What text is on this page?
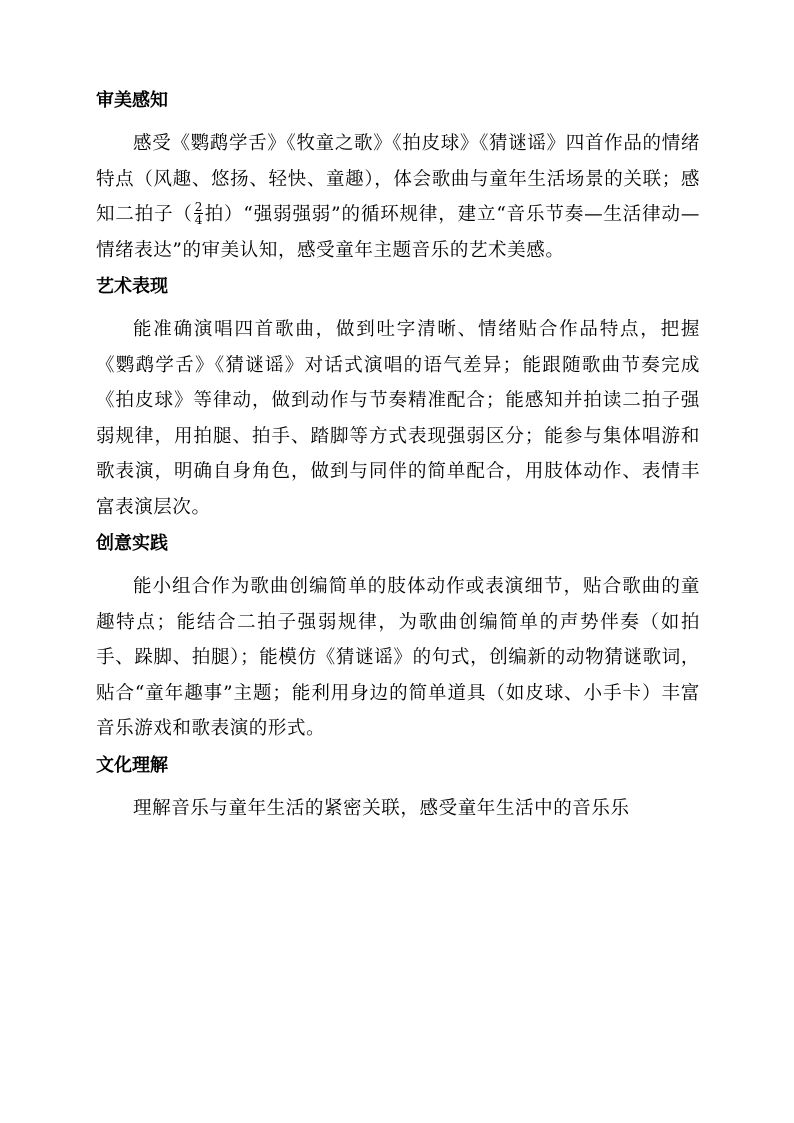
审美感知

感受《鹦鹉学舌》《牧童之歌》《拍皮球》《猜谜谣》四首作品的情绪特点（风趣、悠扬、轻快、童趣），体会歌曲与童年生活场景的关联；感知二拍子（ $\frac{2}{4}$ 拍）“强弱强弱”的循环规律，建立“音乐节奏—生活律动—情绪表达”的审美认知，感受童年主题音乐的艺术美感。

艺术表现

能准确演唱四首歌曲，做到吐字清晰、情绪贴合作品特点，把握《鹦鹉学舌》《猜谜谣》对话式演唱的语气差异；能跟随歌曲节奏完成《拍皮球》等律动，做到动作与节奏精准配合；能感知并拍读二拍子强弱规律，用拍腿、拍手、踏脚等方式表现强弱区分；能参与集体唱游和歌表演，明确自身角色，做到与同伴的简单配合，用肢体动作、表情丰富表演层次。

创意实践

能小组合作为歌曲创编简单的肢体动作或表演细节，贴合歌曲的童趣特点；能结合二拍子强弱规律，为歌曲创编简单的声势伴奏（如拍手、跺脚、拍腿）；能模仿《猜谜谣》的句式，创编新的动物猜谜歌词，贴合“童年趣事”主题；能利用身边的简单道具（如皮球、小手卡）丰富音乐游戏和歌表演的形式。

文化理解

理解音乐与童年生活的紧密关联，感受童年生活中的音乐乐
